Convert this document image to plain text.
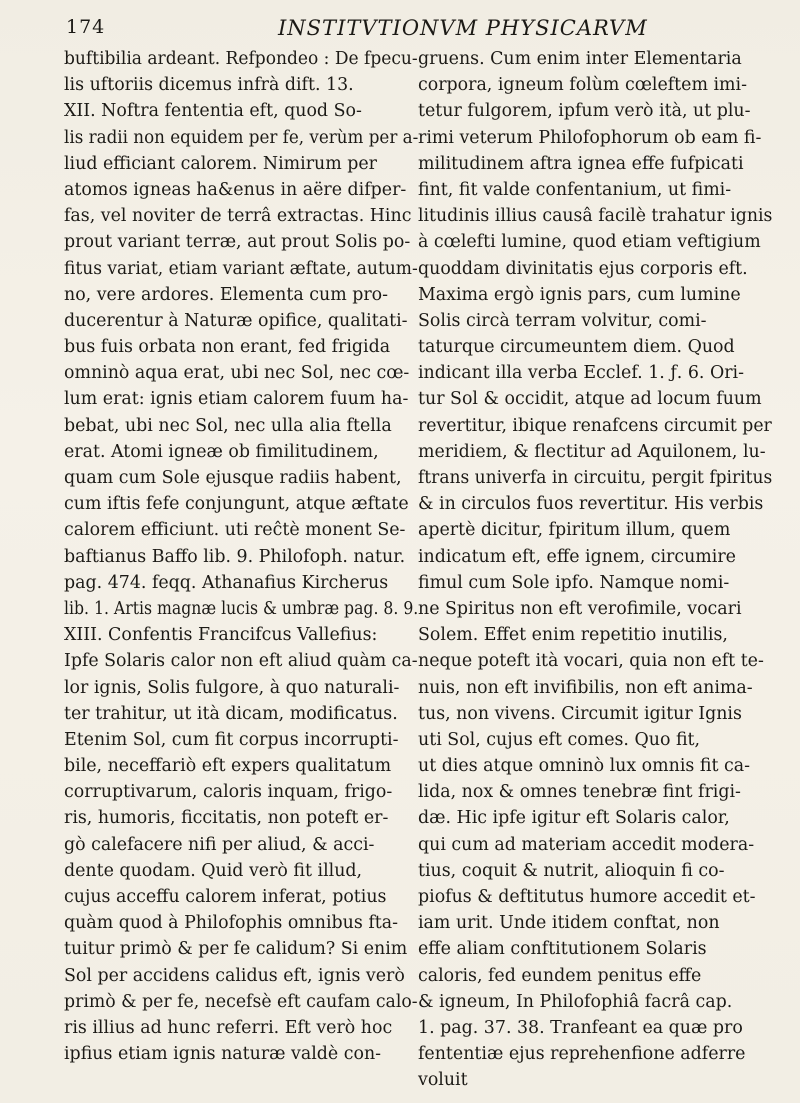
174	INSTITVTIONVM PHYSICARVM
buftibilia ardeant. Refpondeo : De fpecu-
lis uftoriis dicemus infrà dift. 13.
XII. Noftra fententia eft, quod So-
lis radii non equidem per fe, verùm per a-
liud efficiant calorem. Nimirum per
atomos igneas ha&enus in aëre difper-
fas, vel noviter de terrâ extractas. Hinc
prout variant terræ, aut prout Solis po-
fitus variat, etiam variant æftate, autum-
no, vere ardores. Elementa cum pro-
ducerentur à Naturæ opifice, qualitati-
bus fuis orbata non erant, fed frigida
omninò aqua erat, ubi nec Sol, nec cœ-
lum erat: ignis etiam calorem fuum ha-
bebat, ubi nec Sol, nec ulla alia ftella
erat. Atomi igneæ ob fimilitudinem,
quam cum Sole ejusque radiis habent,
cum iftis fefe conjungunt, atque æftate
calorem efficiunt. uti reĉtè monent Se-
baftianus Baffo lib. 9. Philofoph. natur.
pag. 474. feqq. Athanafius Kircherus
lib. 1. Artis magnæ lucis & umbræ pag. 8. 9.
XIII. Confentis Francifcus Vallefius:
Ipfe Solaris calor non eft aliud quàm ca-
lor ignis, Solis fulgore, à quo naturali-
ter trahitur, ut ità dicam, modificatus.
Etenim Sol, cum fit corpus incorrupti-
bile, neceffariò eft expers qualitatum
corruptivarum, caloris inquam, frigo-
ris, humoris, ficcitatis, non poteft er-
gò calefacere nifi per aliud, & acci-
dente quodam. Quid verò fit illud,
cujus acceffu calorem inferat, potius
quàm quod à Philofophis omnibus fta-
tuitur primò & per fe calidum? Si enim
Sol per accidens calidus eft, ignis verò
primò & per fe, necefsè eft caufam calo-
ris illius ad hunc referri. Eft verò hoc
ipfius etiam ignis naturæ valdè con-
gruens. Cum enim inter Elementaria
corpora, igneum folùm cœleftem imi-
tetur fulgorem, ipfum verò ità, ut plu-
rimi veterum Philofophorum ob eam fi-
militudinem aftra ignea effe fufpicati
fint, fit valde confentanium, ut fimi-
litudinis illius causâ facilè trahatur ignis
à cœlefti lumine, quod etiam veftigium
quoddam divinitatis ejus corporis eft.
Maxima ergò ignis pars, cum lumine
Solis circà terram volvitur, comi-
taturque circumeuntem diem. Quod
indicant illa verba Ecclef. 1. ƒ. 6. Ori-
tur Sol & occidit, atque ad locum fuum
revertitur, ibique renafcens circumit per
meridiem, & flectitur ad Aquilonem, lu-
ftrans univerfa in circuitu, pergit fpiritus
& in circulos fuos revertitur. His verbis
apertè dicitur, fpiritum illum, quem
indicatum eft, effe ignem, circumire
fimul cum Sole ipfo. Namque nomi-
ne Spiritus non eft verofimile, vocari
Solem. Effet enim repetitio inutilis,
neque poteft ità vocari, quia non eft te-
nuis, non eft invifibilis, non eft anima-
tus, non vivens. Circumit igitur Ignis
uti Sol, cujus eft comes. Quo fit,
ut dies atque omninò lux omnis fit ca-
lida, nox & omnes tenebræ fint frigi-
dæ. Hic ipfe igitur eft Solaris calor,
qui cum ad materiam accedit modera-
tius, coquit & nutrit, alioquin fi co-
piofus & deftitutus humore accedit et-
iam urit. Unde itidem conftat, non
effe aliam conftitutionem Solaris
caloris, fed eundem penitus effe
& igneum, In Philofophiâ facrâ cap.
1. pag. 37. 38. Tranfeant ea quæ pro
fententiæ ejus reprehenfione adferre
voluit
